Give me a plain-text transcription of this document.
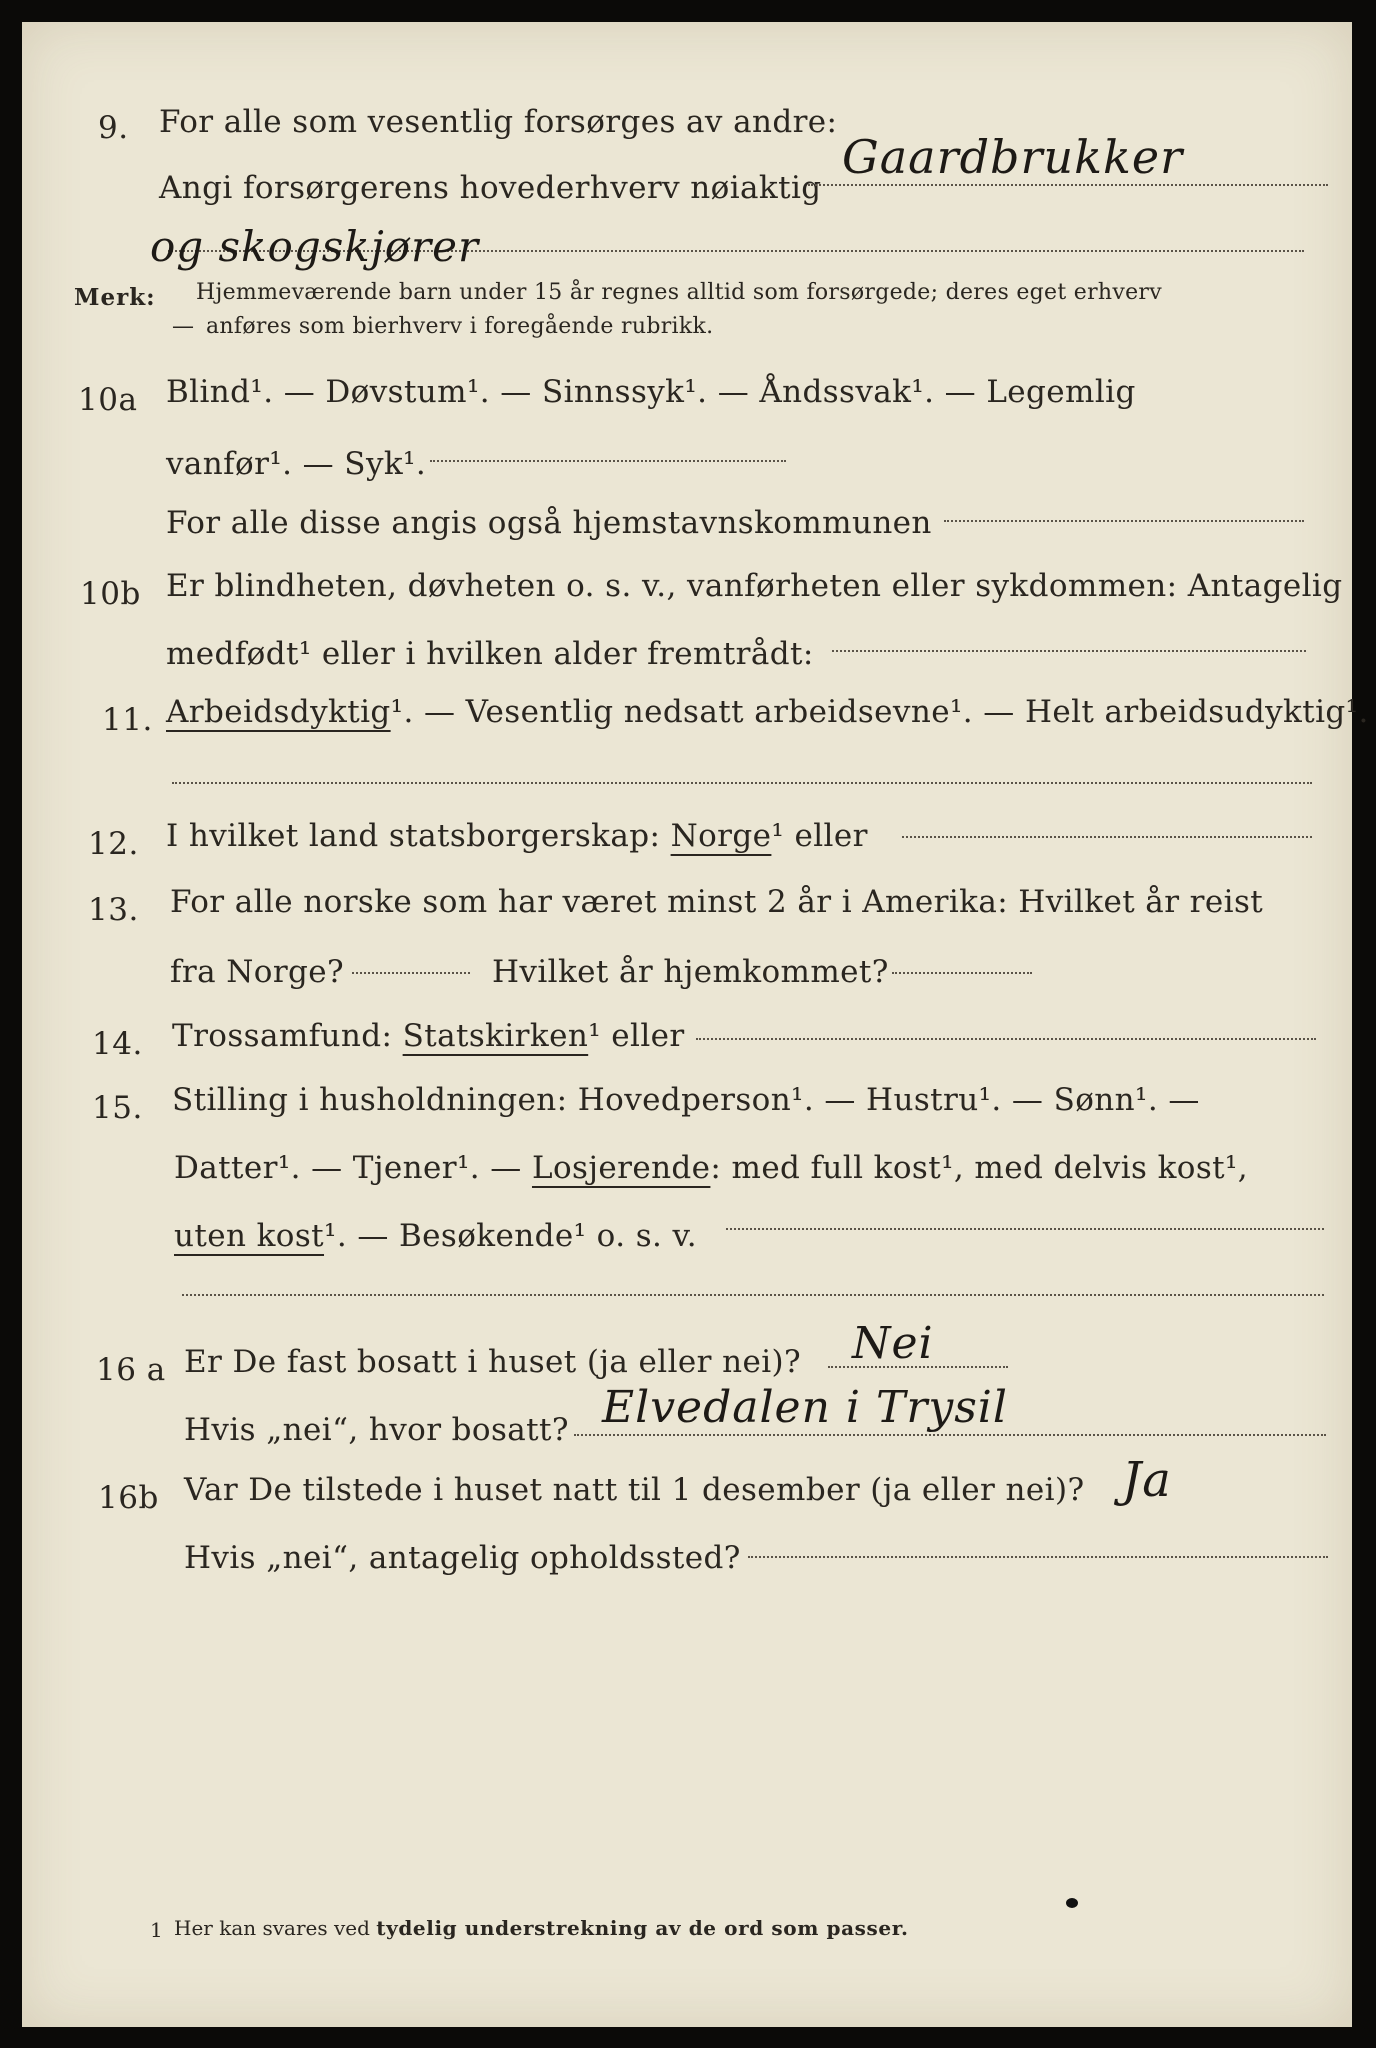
9. For alle som vesentlig forsørges av andre:
Angi forsørgerens hovederhverv nøiaktig
Gaardbrukker
og skogskjører
Merk: Hjemmeværende barn under 15 år regnes alltid som forsørgede; deres eget erhverv
— anføres som bierhverv i foregående rubrikk.
10a Blind¹. — Døvstum¹. — Sinnssyk¹. — Åndssvak¹. — Legemlig
vanfør¹. — Syk¹.
For alle disse angis også hjemstavnskommunen
10b Er blindheten, døvheten o. s. v., vanførheten eller sykdommen: Antagelig
medfødt¹ eller i hvilken alder fremtrådt:
11. Arbeidsdyktig¹. — Vesentlig nedsatt arbeidsevne¹. — Helt arbeidsudyktig¹.
12. I hvilket land statsborgerskap: Norge¹ eller
13. For alle norske som har været minst 2 år i Amerika: Hvilket år reist
fra Norge?	Hvilket år hjemkommet?
14. Trossamfund: Statskirken¹ eller
15. Stilling i husholdningen: Hovedperson¹. — Hustru¹. — Sønn¹. —
Datter¹. — Tjener¹. — Losjerende: med full kost¹, med delvis kost¹,
uten kost¹. — Besøkende¹ o. s. v.
16 a Er De fast bosatt i huset (ja eller nei)? Nei
Hvis „nei“, hvor bosatt? Elvedalen i Trysil
16b Var De tilstede i huset natt til 1 desember (ja eller nei)? Ja
Hvis „nei“, antagelig opholdssted?
1 Her kan svares ved tydelig understrekning av de ord som passer.
